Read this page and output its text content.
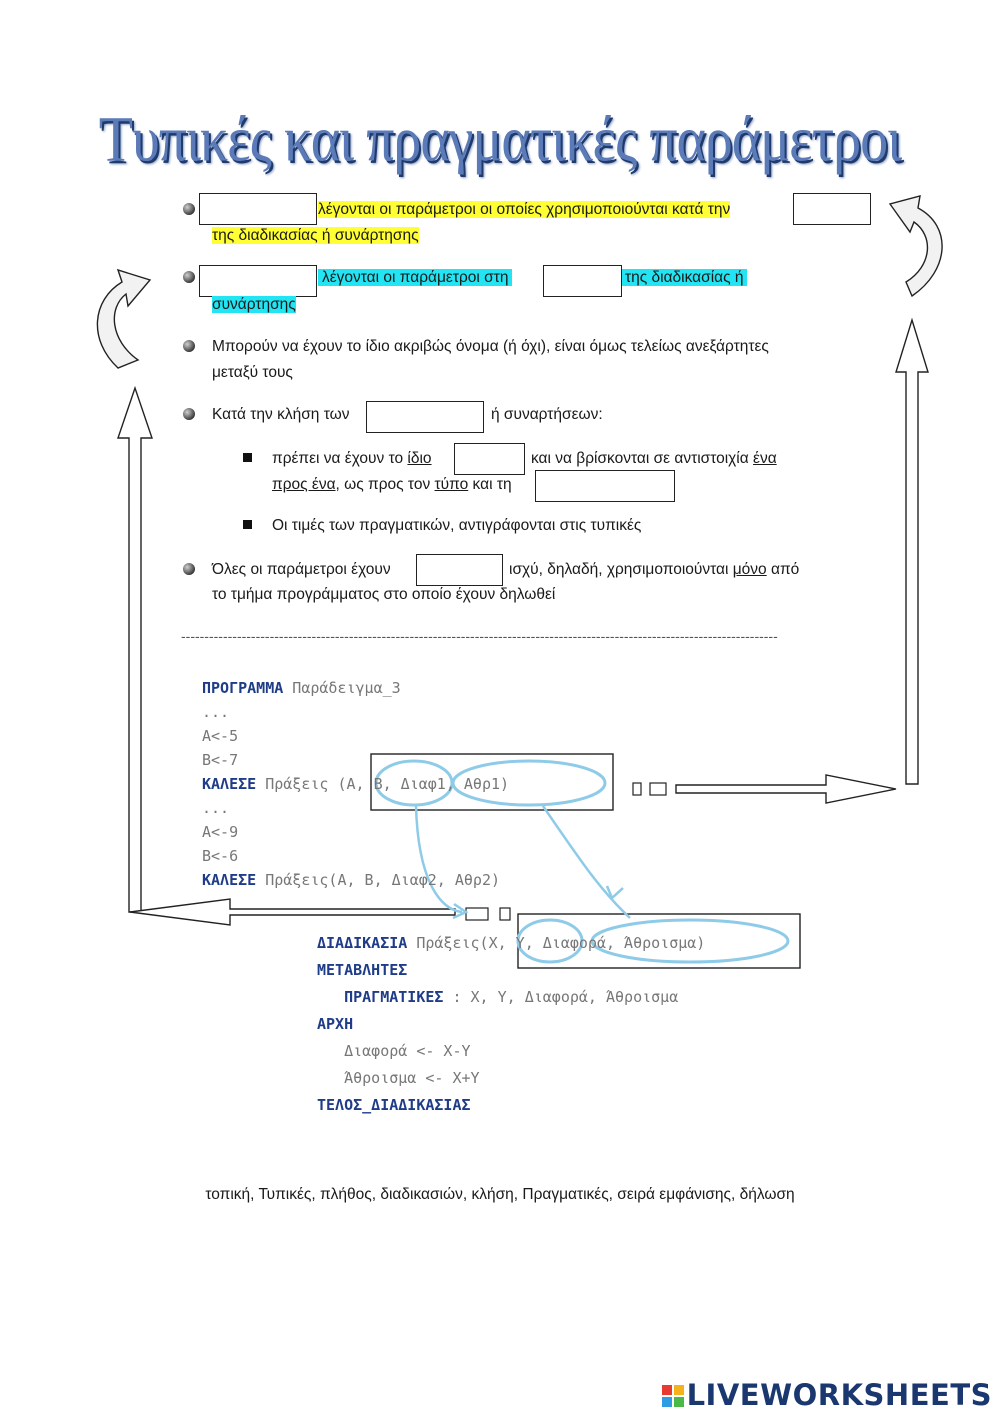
Τυπικές και πραγματικές παράμετροι
λέγονται οι παράμετροι οι οποίες χρησιμοποιούνται κατά την
της διαδικασίας ή συνάρτησης
λέγονται οι παράμετροι στη	της διαδικασίας ή
συνάρτησης
Μπορούν να έχουν το ίδιο ακριβώς όνομα (ή όχι), είναι όμως τελείως ανεξάρτητες
μεταξύ τους
Κατά την κλήση των	ή συναρτήσεων:
πρέπει να έχουν το ίδιο	και να βρίσκονται σε αντιστοιχία ένα
προς ένα, ως προς τον τύπο και τη
Οι τιμές των πραγματικών, αντιγράφονται στις τυπικές
Όλες οι παράμετροι έχουν	ισχύ, δηλαδή, χρησιμοποιούνται μόνο από
το τμήμα προγράμματος στο οποίο έχουν δηλωθεί
--------------------------------------------------------------------------------------------------------------------------------
ΠΡΟΓΡΑΜΜΑ Παράδειγμα_3
...
A<-5
B<-7
ΚΑΛΕΣΕ Πράξεις (Α, Β, Διαφ1, Αθρ1)
...
A<-9
B<-6
ΚΑΛΕΣΕ Πράξεις(Α, Β, Διαφ2, Αθρ2)
ΔΙΑΔΙΚΑΣΙΑ Πράξεις(X, Y, Διαφορά, Άθροισμα)
ΜΕΤΑΒΛΗΤΕΣ
ΠΡΑΓΜΑΤΙΚΕΣ : X, Y, Διαφορά, Άθροισμα
ΑΡΧΗ
Διαφορά <- X-Y
Άθροισμα <- X+Y
ΤΕΛΟΣ_ΔΙΑΔΙΚΑΣΙΑΣ
τοπική, Τυπικές, πλήθος, διαδικασιών, κλήση, Πραγματικές, σειρά εμφάνισης, δήλωση
LIVEWORKSHEETS
